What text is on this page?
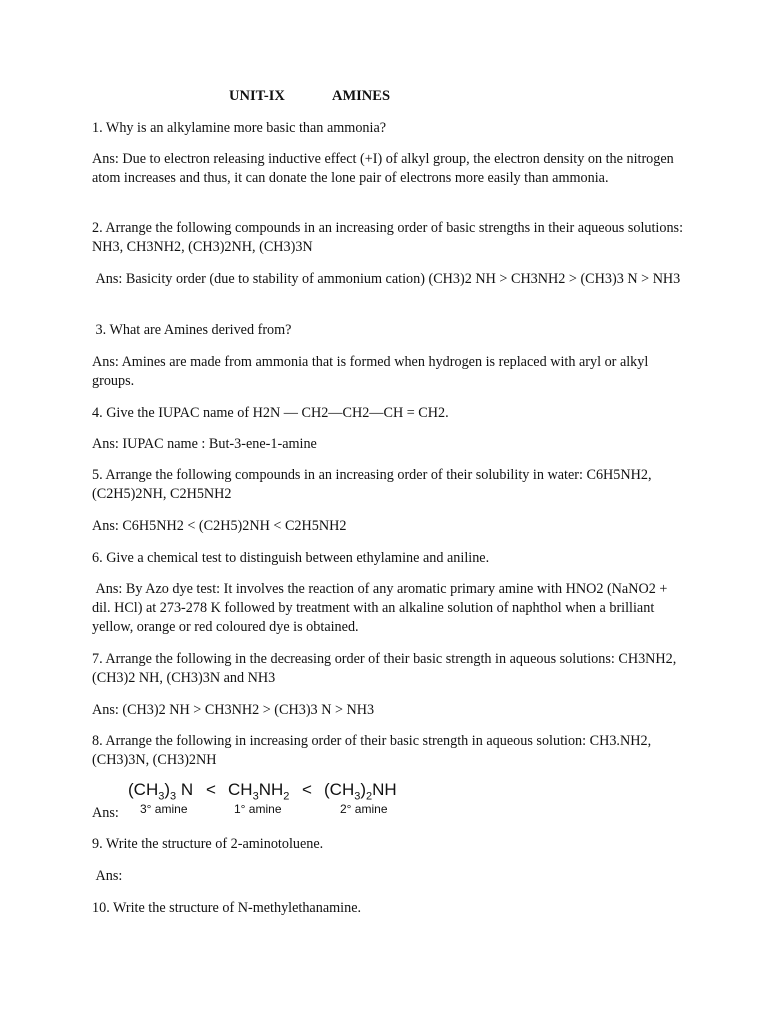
UNIT-IX	AMINES

1. Why is an alkylamine more basic than ammonia?

Ans: Due to electron releasing inductive effect (+I) of alkyl group, the electron density on the nitrogen atom increases and thus, it can donate the lone pair of electrons more easily than ammonia.

2. Arrange the following compounds in an increasing order of basic strengths in their aqueous solutions: NH3, CH3NH2, (CH3)2NH, (CH3)3N

Ans: Basicity order (due to stability of ammonium cation) (CH3)2 NH > CH3NH2 > (CH3)3 N > NH3

3. What are Amines derived from?

Ans: Amines are made from ammonia that is formed when hydrogen is replaced with aryl or alkyl groups.

4. Give the IUPAC name of H2N — CH2—CH2—CH = CH2.

Ans: IUPAC name : But-3-ene-1-amine

5. Arrange the following compounds in an increasing order of their solubility in water: C6H5NH2, (C2H5)2NH, C2H5NH2

Ans: C6H5NH2 < (C2H5)2NH < C2H5NH2

6. Give a chemical test to distinguish between ethylamine and aniline.

Ans: By Azo dye test: It involves the reaction of any aromatic primary amine with HNO2 (NaNO2 + dil. HCl) at 273-278 K followed by treatment with an alkaline solution of naphthol when a brilliant yellow, orange or red coloured dye is obtained.

7. Arrange the following in the decreasing order of their basic strength in aqueous solutions: CH3NH2, (CH3)2 NH, (CH3)3N and NH3

Ans: (CH3)2 NH > CH3NH2 > (CH3)3 N > NH3

8. Arrange the following in increasing order of their basic strength in aqueous solution: CH3.NH2, (CH3)3N, (CH3)2NH

Ans:

$(CH_3)_3$ $N < CH_3NH_2 < (CH_3)_2NH$
3° amine	1° amine	2° amine

9. Write the structure of 2-aminotoluene.

Ans:

10. Write the structure of N-methylethanamine.
